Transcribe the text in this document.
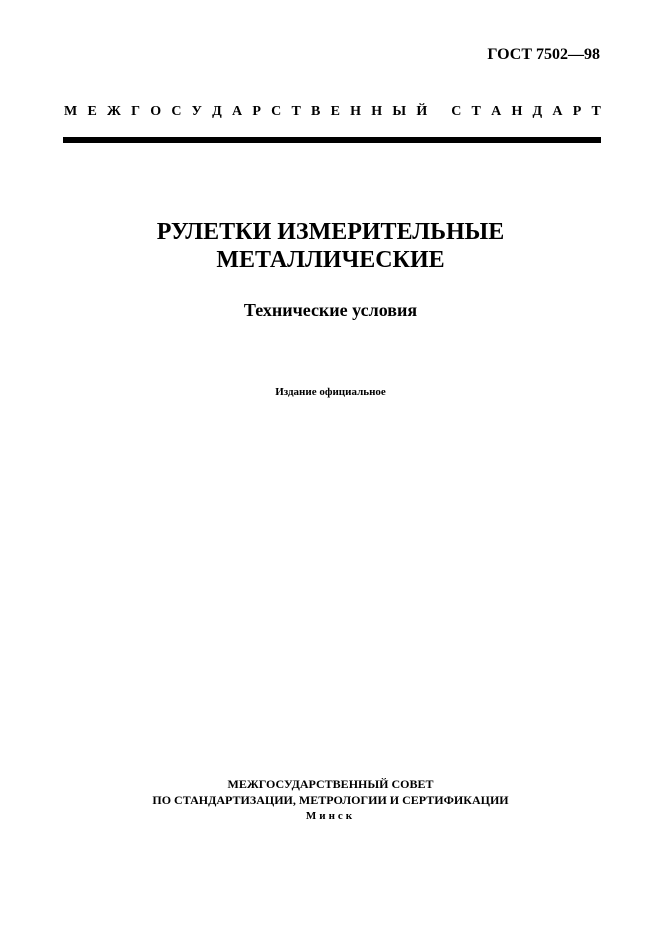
ГОСТ 7502—98
М Е Ж Г О С У Д А Р С Т В Е Н Н Ы Й
С Т А Н Д А Р Т
РУЛЕТКИ ИЗМЕРИТЕЛЬНЫЕ
МЕТАЛЛИЧЕСКИЕ
Технические условия
Издание официальное
МЕЖГОСУДАРСТВЕННЫЙ СОВЕТ
ПО СТАНДАРТИЗАЦИИ, МЕТРОЛОГИИ И СЕРТИФИКАЦИИ
Минск
